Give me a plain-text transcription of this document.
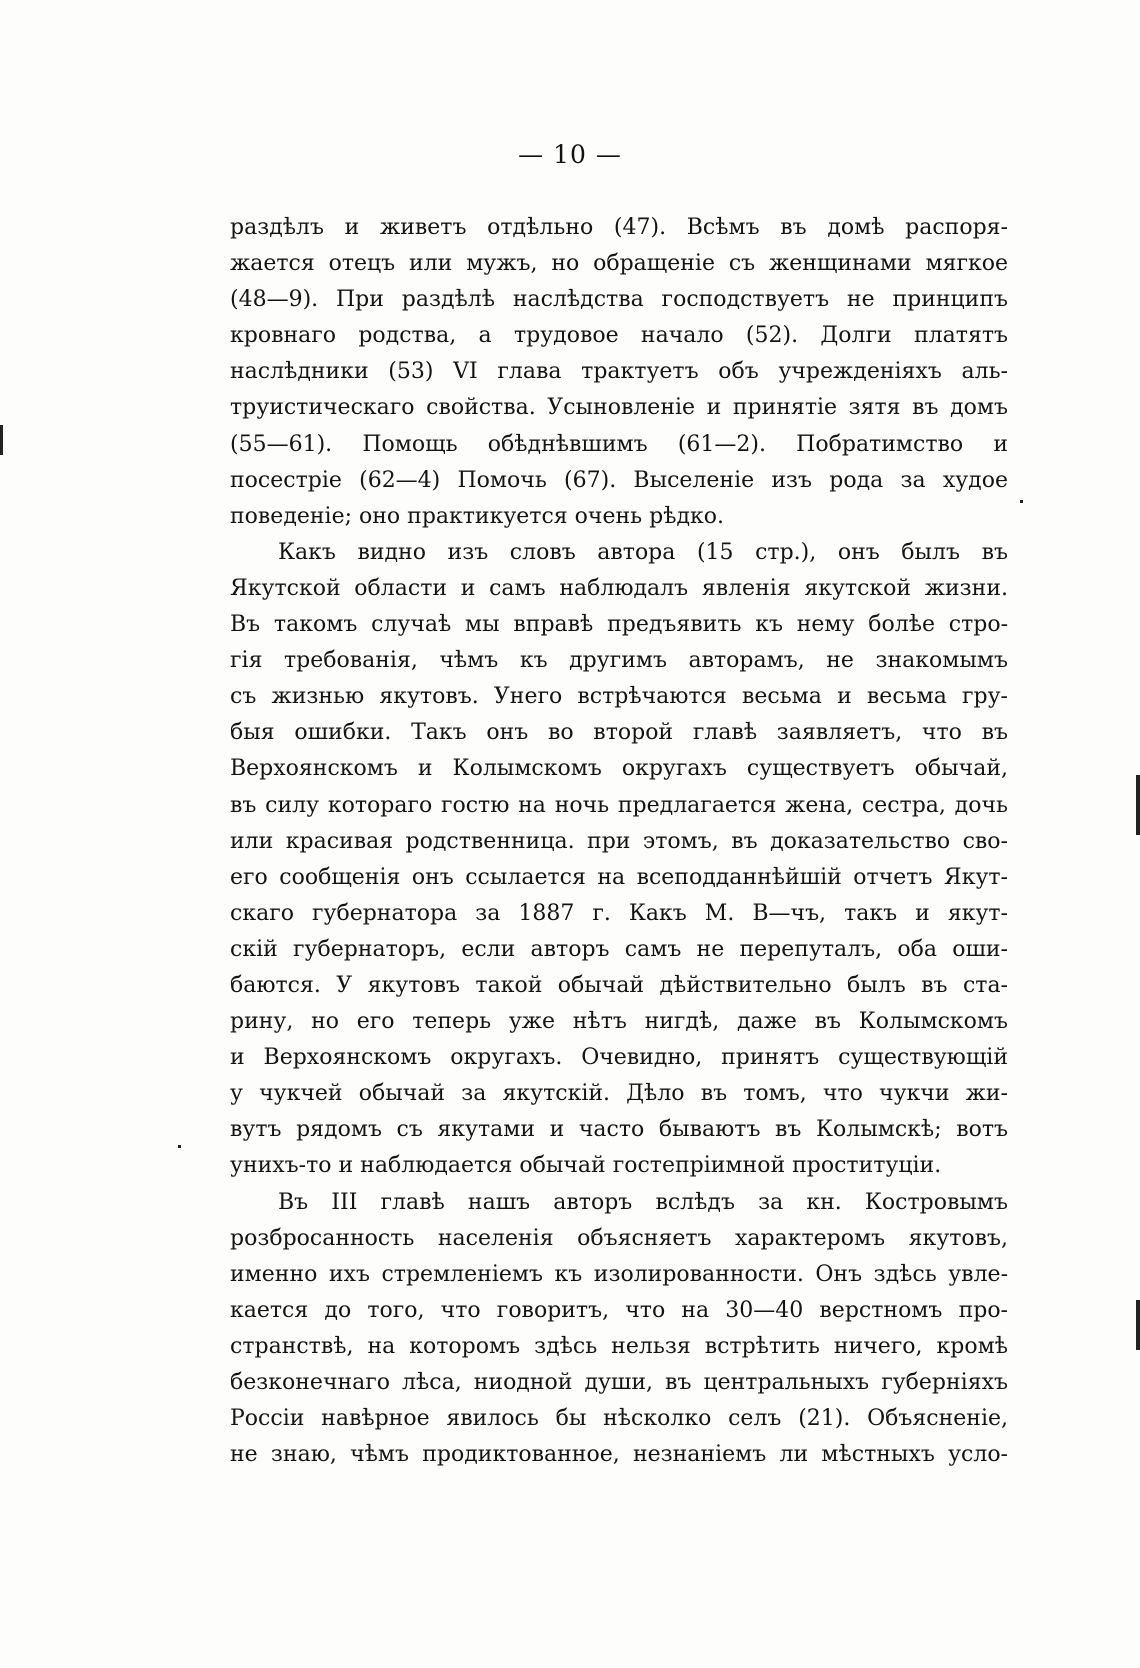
— 10 —
раздѣлъ и живетъ отдѣльно (47). Всѣмъ въ домѣ распоря-
жается отецъ или мужъ, но обращеніе съ женщинами мягкое
(48—9). При раздѣлѣ наслѣдства господствуетъ не принципъ
кровнаго родства, а трудовое начало (52). Долги платятъ
наслѣдники (53) VI глава трактуетъ объ учрежденіяхъ аль-
труистическаго свойства. Усыновленіе и принятіе зятя въ домъ
(55—61). Помощь обѣднѣвшимъ (61—2). Побратимство и
посестріе (62—4) Помочь (67). Выселеніе изъ рода за худое
поведеніе; оно практикуется очень рѣдко.
Какъ видно изъ словъ автора (15 стр.), онъ былъ въ
Якутской области и самъ наблюдалъ явленія якутской жизни.
Въ такомъ случаѣ мы вправѣ предъявить къ нему болѣе стро-
гія требованія, чѣмъ къ другимъ авторамъ, не знакомымъ
съ жизнью якутовъ. Унего встрѣчаются весьма и весьма гру-
быя ошибки. Такъ онъ во второй главѣ заявляетъ, что въ
Верхоянскомъ и Колымскомъ округахъ существуетъ обычай,
въ силу котораго гостю на ночь предлагается жена, сестра, дочь
или красивая родственница. при этомъ, въ доказательство сво-
его сообщенія онъ ссылается на всеподданнѣйшій отчетъ Якут-
скаго губернатора за 1887 г. Какъ М. В—чъ, такъ и якут-
скій губернаторъ, если авторъ самъ не перепуталъ, оба оши-
баются. У якутовъ такой обычай дѣйствительно былъ въ ста-
рину, но его теперь уже нѣтъ нигдѣ, даже въ Колымскомъ
и Верхоянскомъ округахъ. Очевидно, принятъ существующій
у чукчей обычай за якутскій. Дѣло въ томъ, что чукчи жи-
вутъ рядомъ съ якутами и часто бываютъ въ Колымскѣ; вотъ
унихъ-то и наблюдается обычай гостепріимной проституціи.
Въ III главѣ нашъ авторъ вслѣдъ за кн. Костровымъ
розбросанность населенія объясняетъ характеромъ якутовъ,
именно ихъ стремленіемъ къ изолированности. Онъ здѣсь увле-
кается до того, что говоритъ, что на 30—40 верстномъ про-
странствѣ, на которомъ здѣсь нельзя встрѣтить ничего, кромѣ
безконечнаго лѣса, ниодной души, въ центральныхъ губерніяхъ
Россіи навѣрное явилось бы нѣсколко селъ (21). Объясненіе,
не знаю, чѣмъ продиктованное, незнаніемъ ли мѣстныхъ усло-
